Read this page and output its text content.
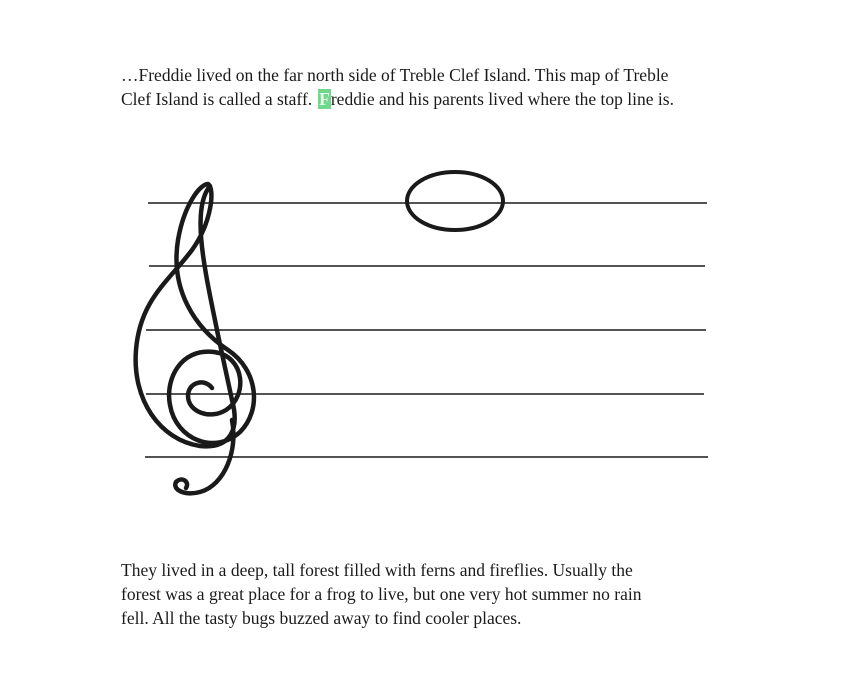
…Freddie lived on the far north side of Treble Clef Island. This map of Treble
Clef Island is called a staff. Freddie and his parents lived where the top line is.

They lived in a deep, tall forest filled with ferns and fireflies. Usually the
forest was a great place for a frog to live, but one very hot summer no rain
fell. All the tasty bugs buzzed away to find cooler places.
